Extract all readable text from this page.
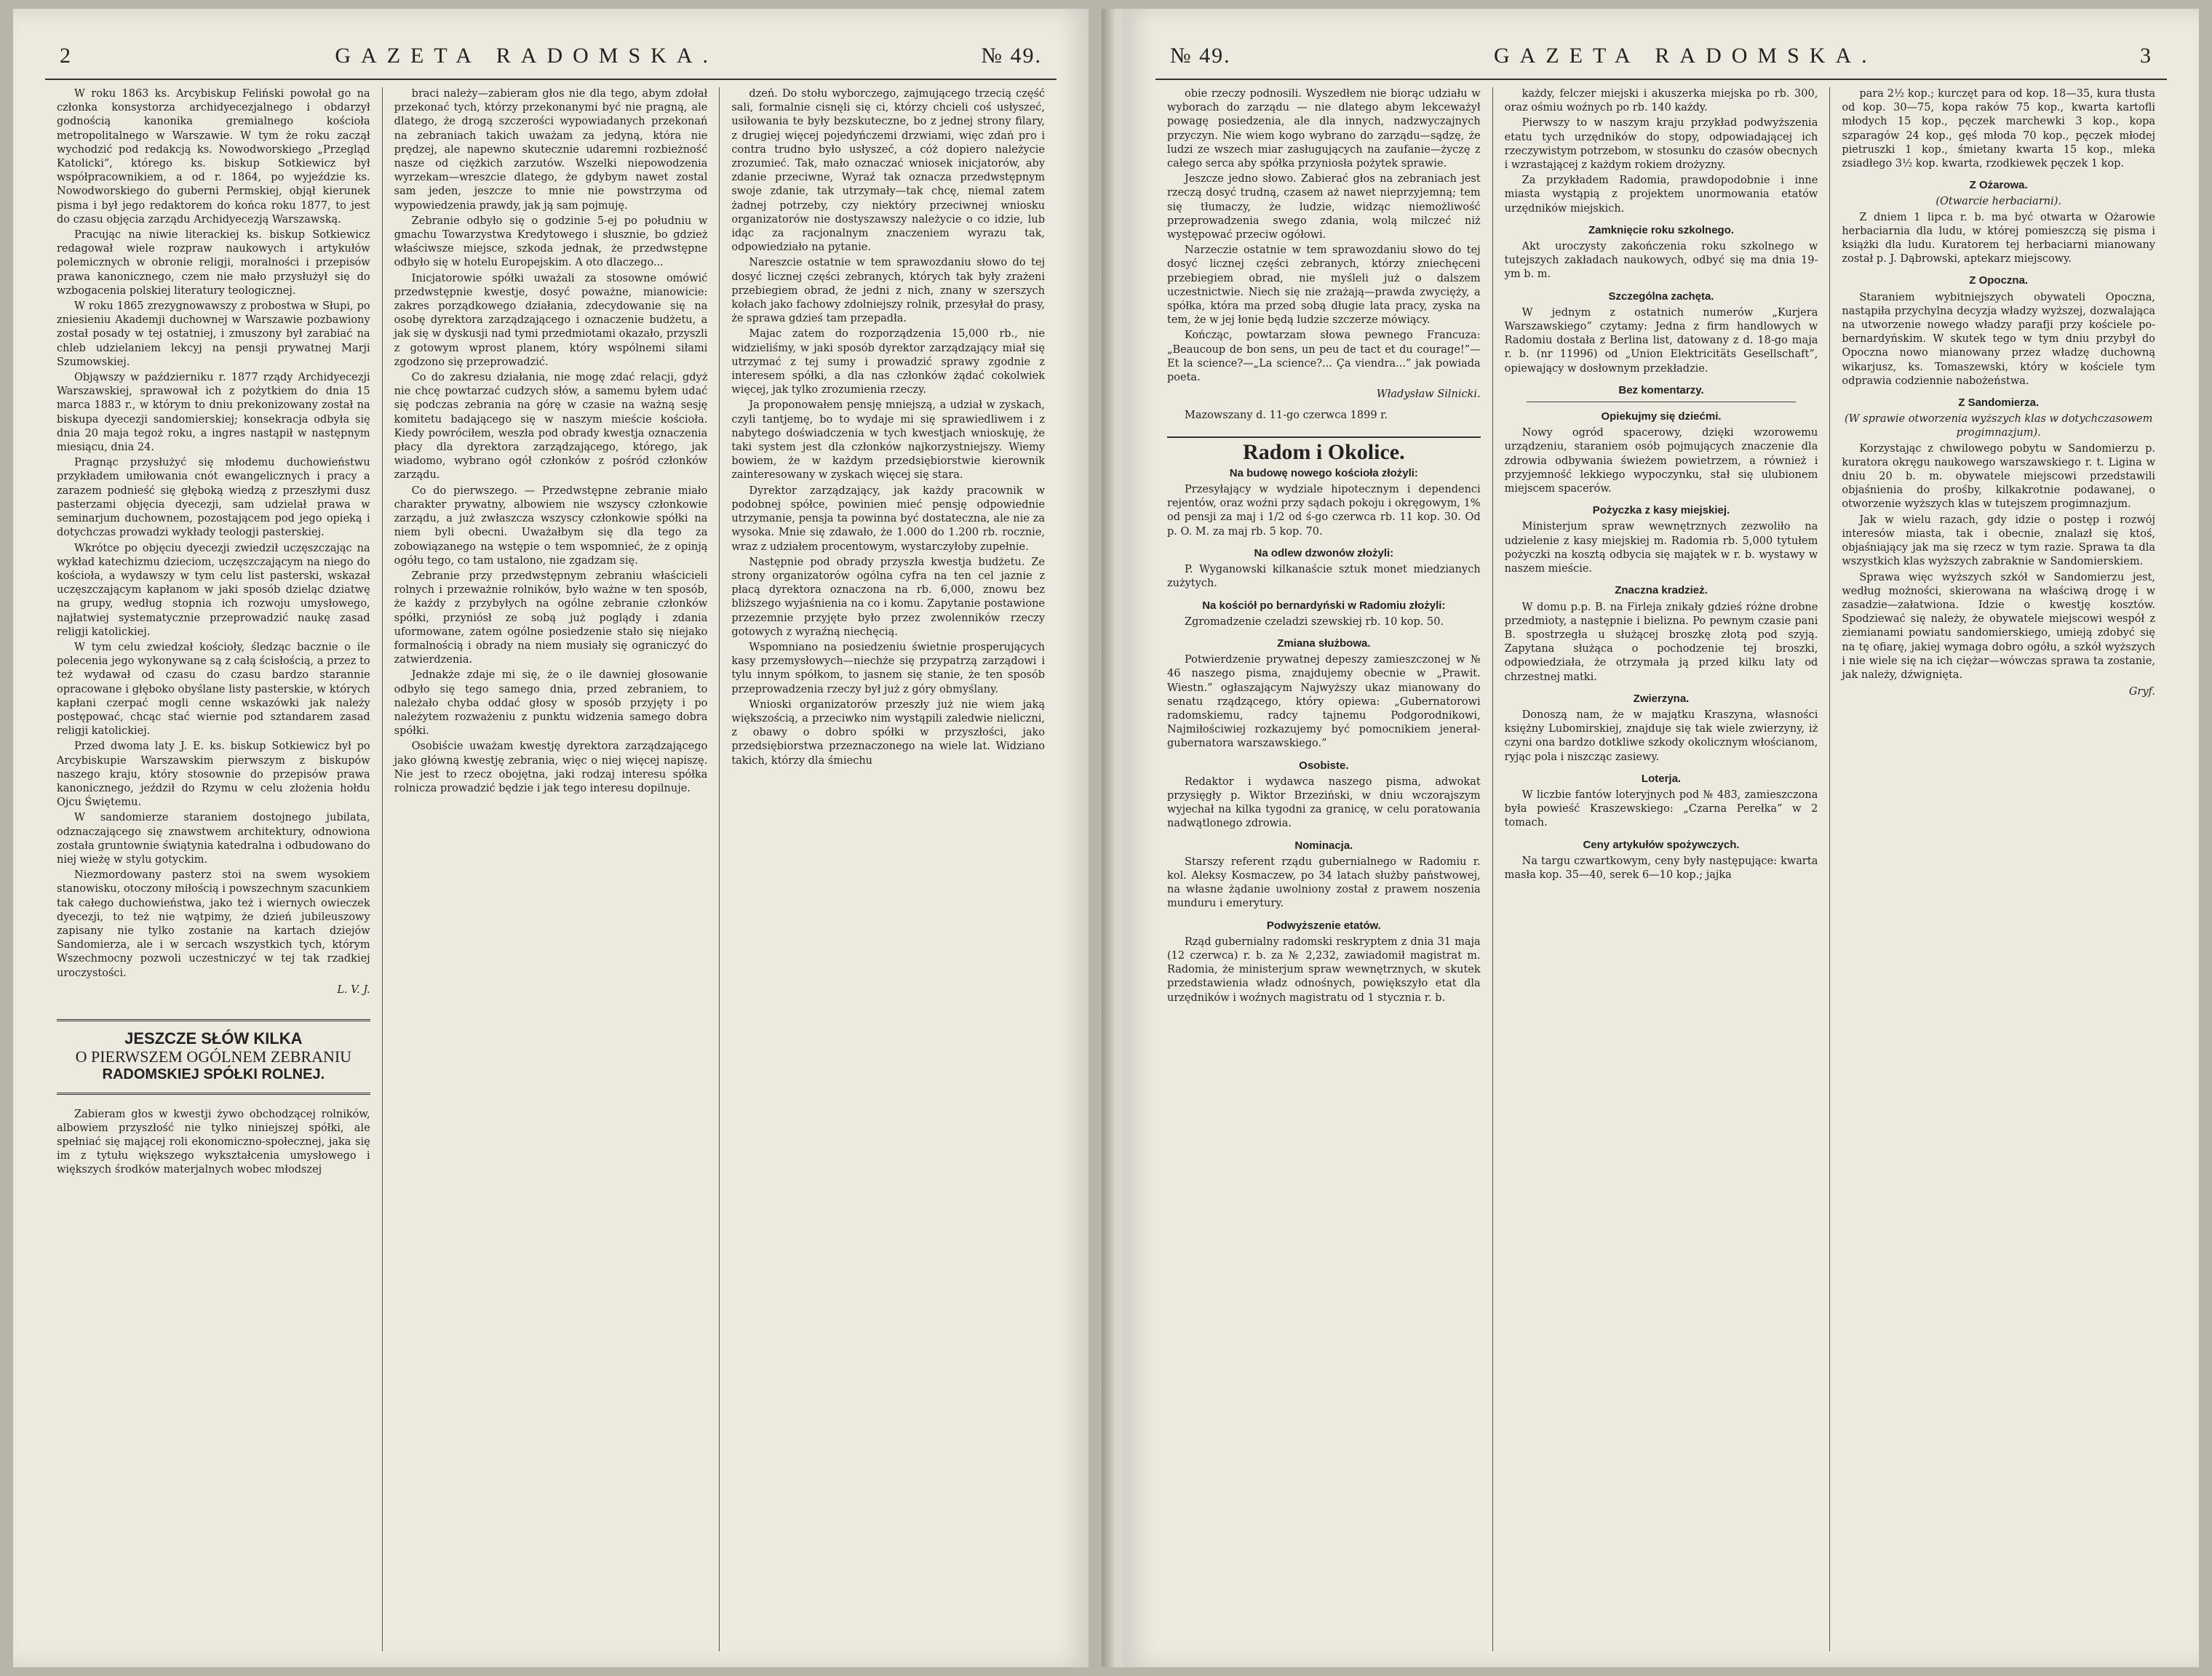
2	GAZETA RADOMSKA.	№ 49.

W roku 1863 ks. Arcybiskup Feliński powołał go na członka konsystorza archidyecezjalnego i obdarzył godnością kanonika gremialnego kościoła metropolitalnego w Warszawie. W tym że roku zaczął wychodzić pod redakcją ks. Nowodworskiego „Przegląd Katolicki”, którego ks. biskup Sotkiewicz był współpracownikiem, a od r. 1864, po wyjeździe ks. Nowodworskiego do guberni Permskiej, objął kierunek pisma i był jego redaktorem do końca roku 1877, to jest do czasu objęcia zarządu Archidyecezją Warszawską.

Pracując na niwie literackiej ks. biskup Sotkiewicz redagował wiele rozpraw naukowych i artykułów polemicznych w obronie religji, moralności i przepisów prawa kanonicznego, czem nie mało przysłużył się do wzbogacenia polskiej literatury teologicznej.

W roku 1865 zrezygnowawszy z probostwa w Słupi, po zniesieniu Akademji duchownej w Warszawie pozbawiony został posady w tej ostatniej, i zmuszony był zarabiać na chleb udzielaniem lekcyj na pensji prywatnej Marji Szumowskiej.

Objąwszy w październiku r. 1877 rządy Archidyecezji Warszawskiej, sprawował ich z pożytkiem do dnia 15 marca 1883 r., w którym to dniu prekonizowany został na biskupa dyecezji sandomierskiej; konsekracja odbyła się dnia 20 maja tegoż roku, a ingres nastąpił w następnym miesiącu, dnia 24.

Pragnąc przysłużyć się młodemu duchowieństwu przykładem umiłowania cnót ewangelicznych i pracy a zarazem podnieść się głęboką wiedzą z przeszłymi dusz pasterzami objęcia dyecezji, sam udzielał prawa w seminarjum duchownem, pozostającem pod jego opieką i dotychczas prowadzi wykłady teologji pasterskiej.

Wkrótce po objęciu dyecezji zwiedził uczęszczając na wykład katechizmu dzieciom, uczęszczającym na niego do kościoła, a wydawszy w tym celu list pasterski, wskazał uczęszczającym kapłanom w jaki sposób dzieląc dziatwę na grupy, według stopnia ich rozwoju umysłowego, najłatwiej systematycznie przeprowadzić naukę zasad religji katolickiej.

W tym celu zwiedzał kościoły, śledząc bacznie o ile polecenia jego wykonywane są z całą ścisłością, a przez to też wydawał od czasu do czasu bardzo starannie opracowane i głęboko obyślane listy pasterskie, w których kapłani czerpać mogli cenne wskazówki jak należy postępować, chcąc stać wiernie pod sztandarem zasad religji katolickiej.

Przed dwoma laty J. E. ks. biskup Sotkiewicz był po Arcybiskupie Warszawskim pierwszym z biskupów naszego kraju, który stosownie do przepisów prawa kanonicznego, jeździł do Rzymu w celu złożenia hołdu Ojcu Świętemu.

W sandomierze staraniem dostojnego jubilata, odznaczającego się znawstwem architektury, odnowiona została gruntownie świątynia katedralna i odbudowano do niej wieżę w stylu gotyckim.

Niezmordowany pasterz stoi na swem wysokiem stanowisku, otoczony miłością i powszechnym szacunkiem tak całego duchowieństwa, jako też i wiernych owieczek dyecezji, to też nie wątpimy, że dzień jubileuszowy zapisany nie tylko zostanie na kartach dziejów Sandomierza, ale i w sercach wszystkich tych, którym Wszechmocny pozwoli uczestniczyć w tej tak rzadkiej uroczystości.

L. V. J.
JESZCZE SŁÓW KILKA
O PIERWSZEM OGÓLNEM ZEBRANIU
RADOMSKIEJ SPÓŁKI ROLNEJ.

Zabieram głos w kwestji żywo obchodzącej rolników, albowiem przyszłość nie tylko niniejszej spółki, ale spełniać się mającej roli ekonomiczno-społecznej, jaka się im z tytułu większego wykształcenia umysłowego i większych środków materjalnych wobec młodszej

braci należy—zabieram głos nie dla tego, abym zdołał przekonać tych, którzy przekonanymi być nie pragną, ale dlatego, że drogą szczerości wypowiadanych przekonań na zebraniach takich uważam za jedyną, która nie prędzej, ale napewno skutecznie udaremni rozbieżność nasze od ciężkich zarzutów. Wszelki niepowodzenia wyrzekam—wreszcie dlatego, że gdybym nawet zostal sam jeden, jeszcze to mnie nie powstrzyma od wypowiedzenia prawdy, jak ją sam pojmuję.

Zebranie odbyło się o godzinie 5-ej po południu w gmachu Towarzystwa Kredytowego i słusznie, bo gdzież właściwsze miejsce, szkoda jednak, że przedwstępne odbyło się w hotelu Europejskim. A oto dlaczego...

Inicjatorowie spółki uważali za stosowne omówić przedwstępnie kwestje, dosyć poważne, mianowicie: zakres porządkowego działania, zdecydowanie się na osobę dyrektora zarządzającego i oznaczenie budżetu, a jak się w dyskusji nad tymi przedmiotami okazało, przyszli z gotowym wprost planem, który wspólnemi siłami zgodzono się przeprowadzić.

Co do zakresu działania, nie mogę zdać relacji, gdyż nie chcę powtarzać cudzych słów, a samemu byłem udać się podczas zebrania na górę w czasie na ważną sesję komitetu badającego się w naszym mieście kościoła. Kiedy powróciłem, weszła pod obrady kwestja oznaczenia płacy dla dyrektora zarządzającego, którego, jak wiadomo, wybrano ogół członków z pośród członków zarządu.

Co do pierwszego. — Przedwstępne zebranie miało charakter prywatny, albowiem nie wszyscy członkowie zarządu, a już zwłaszcza wszyscy członkowie spółki na niem byli obecni. Uważałbym się dla tego za zobowiązanego na wstępie o tem wspomnieć, że z opinją ogółu tego, co tam ustalono, nie zgadzam się.

Zebranie przy przedwstępnym zebraniu właścicieli rolnych i przeważnie rolników, było ważne w ten sposób, że każdy z przybyłych na ogólne zebranie członków spółki, przyniósł ze sobą już poglądy i zdania uformowane, zatem ogólne posiedzenie stało się niejako formalnością i obrady na niem musiały się ograniczyć do zatwierdzenia.

Jednakże zdaje mi się, że o ile dawniej głosowanie odbyło się tego samego dnia, przed zebraniem, to należało chyba oddać głosy w sposób przyjęty i po należytem rozważeniu z punktu widzenia samego dobra spółki.

Osobiście uważam kwestję dyrektora zarządzającego jako główną kwestję zebrania, więc o niej więcej napiszę. Nie jest to rzecz obojętna, jaki rodzaj interesu spółka rolnicza prowadzić będzie i jak tego interesu dopilnuje.

dzeń. Do stołu wyborczego, zajmującego trzecią część sali, formalnie cisnęli się ci, którzy chcieli coś usłyszeć, usiłowania te były bezskuteczne, bo z jednej strony filary, z drugiej więcej pojedyńczemi drzwiami, więc zdań pro i contra trudno było usłyszeć, a cóż dopiero należycie zrozumieć. Tak, mało oznaczać wniosek inicjatorów, aby zdanie przeciwne, Wyraź tak oznacza przedwstępnym swoje zdanie, tak utrzymały—tak chcę, niemal zatem żadnej potrzeby, czy niektóry przeciwnej wniosku organizatorów nie dostyszawszy należycie o co idzie, lub idąc za racjonalnym znaczeniem wyrazu tak, odpowiedziało na pytanie.

Nareszcie ostatnie w tem sprawozdaniu słowo do tej dosyć licznej części zebranych, których tak były zrażeni przebiegiem obrad, że jedni z nich, znany w szerszych kołach jako fachowy zdolniejszy rolnik, przesyłał do prasy, że sprawa gdzieś tam przepadła.

Majac zatem do rozporządzenia 15,000 rb., nie widzieliśmy, w jaki sposób dyrektor zarządzający miał się utrzymać z tej sumy i prowadzić sprawy zgodnie z interesem spółki, a dla nas członków żądać cokolwiek więcej, jak tylko zrozumienia rzeczy.

Ja proponowałem pensję mniejszą, a udział w zyskach, czyli tantjemę, bo to wydaje mi się sprawiedliwem i z nabytego doświadczenia w tych kwestjach wnioskuję, że taki system jest dla członków najkorzystniejszy. Wiemy bowiem, że w każdym przedsiębiorstwie kierownik zainteresowany w zyskach więcej się stara.

Dyrektor zarządzający, jak każdy pracownik w podobnej spółce, powinien mieć pensję odpowiednie utrzymanie, pensja ta powinna być dostateczna, ale nie za wysoka. Mnie się zdawało, że 1.000 do 1.200 rb. rocznie, wraz z udziałem procentowym, wystarczyłoby zupełnie.

Następnie pod obrady przyszła kwestja budżetu. Ze strony organizatorów ogólna cyfra na ten cel jaznie z płacą dyrektora oznaczona na rb. 6,000, znowu bez bliższego wyjaśnienia na co i komu. Zapytanie postawione przezemnie przyjęte było przez zwolenników rzeczy gotowych z wyraźną niechęcią.

Wspomniano na posiedzeniu świetnie prosperujących kasy przemysłowych—niechże się przypatrzą zarządowi i tylu innym spółkom, to jasnem się stanie, że ten sposób przeprowadzenia rzeczy był już z góry obmyślany.

Wnioski organizatorów przeszły już nie wiem jaką większością, a przeciwko nim wystąpili zaledwie nieliczni, z obawy o dobro spółki w przyszłości, jako przedsiębiorstwa przeznaczonego na wiele lat. Widziano takich, którzy dla śmiechu

№ 49.	GAZETA RADOMSKA.	3

obie rzeczy podnosili. Wyszedłem nie biorąc udziału w wyborach do zarządu — nie dlatego abym lekceważył powagę posiedzenia, ale dla innych, nadzwyczajnych przyczyn. Nie wiem kogo wybrano do zarządu—sądzę, że ludzi ze wszech miar zasługujących na zaufanie—życzę z całego serca aby spółka przyniosła pożytek sprawie.

Jeszcze jedno słowo. Zabierać głos na zebraniach jest rzeczą dosyć trudną, czasem aż nawet nieprzyjemną; tem się tłumaczy, że ludzie, widząc niemożliwość przeprowadzenia swego zdania, wolą milczeć niż występować przeciw ogółowi.

Narzeczie ostatnie w tem sprawozdaniu słowo do tej dosyć licznej części zebranych, którzy zniechęceni przebiegiem obrad, nie myśleli już o dalszem uczestnictwie. Niech się nie zrażają—prawda zwycięży, a spółka, która ma przed sobą długie lata pracy, zyska na tem, że w jej łonie będą ludzie szczerze mówiący.

Kończąc, powtarzam słowa pewnego Francuza: „Beaucoup de bon sens, un peu de tact et du courage!”—Et la science?—„La science?... Ça viendra...” jak powiada poeta.

Władysław Silnicki.

Mazowszany d. 11-go czerwca 1899 r.

Radom i Okolice.
Na budowę nowego kościoła złożyli:

Przesyłający w wydziale hipotecznym i dependenci rejentów, oraz woźni przy sądach pokoju i okręgowym, 1% od pensji za maj i 1/2 od ś-go czerwca rb. 11 kop. 30. Od p. O. M. za maj rb. 5 kop. 70.

Na odlew dzwonów złożyli:

P. Wyganowski kilkanaście sztuk monet miedzianych zużytych.

Na kościół po bernardyński w Radomiu złożyli:

Zgromadzenie czeladzi szewskiej rb. 10 kop. 50.

Zmiana służbowa.

Potwierdzenie prywatnej depeszy zamieszczonej w № 46 naszego pisma, znajdujemy obecnie w „Prawit. Wiestn.” ogłaszającym Najwyższy ukaz mianowany do senatu rządzącego, który opiewa: „Gubernatorowi radomskiemu, radcy tajnemu Podgorodnikowi, Najmiłościwiej rozkazujemy być pomocnikiem jenerał-gubernatora warszawskiego.”

Osobiste.

Redaktor i wydawca naszego pisma, adwokat przysięgły p. Wiktor Brzeziński, w dniu wczorajszym wyjechał na kilka tygodni za granicę, w celu poratowania nadwątlonego zdrowia.

Nominacja.

Starszy referent rządu gubernialnego w Radomiu r. kol. Aleksy Kosmaczew, po 34 latach służby państwowej, na własne żądanie uwolniony został z prawem noszenia munduru i emerytury.

Podwyższenie etatów.

Rząd gubernialny radomski reskryptem z dnia 31 maja (12 czerwca) r. b. za № 2,232, zawiadomił magistrat m. Radomia, że ministerjum spraw wewnętrznych, w skutek przedstawienia władz odnośnych, powiększyło etat dla urzędników i woźnych magistratu od 1 stycznia r. b.

każdy, felczer miejski i akuszerka miejska po rb. 300, oraz ośmiu woźnych po rb. 140 każdy.

Pierwszy to w naszym kraju przykład podwyższenia etatu tych urzędników do stopy, odpowiadającej ich rzeczywistym potrzebom, w stosunku do czasów obecnych i wzrastającej z każdym rokiem drożyzny.

Za przykładem Radomia, prawdopodobnie i inne miasta wystąpią z projektem unormowania etatów urzędników miejskich.

Zamknięcie roku szkolnego.

Akt uroczysty zakończenia roku szkolnego w tutejszych zakładach naukowych, odbyć się ma dnia 19-ym b. m.

Szczególna zachęta.

W jednym z ostatnich numerów „Kurjera Warszawskiego” czytamy: Jedna z firm handlowych w Radomiu dostała z Berlina list, datowany z d. 18-go maja r. b. (nr 11996) od „Union Elektricitäts Gesellschaft”, opiewający w dosłownym przekładzie.

Bez komentarzy.
Opiekujmy się dziećmi.

Nowy ogród spacerowy, dzięki wzorowemu urządzeniu, staraniem osób pojmujących znaczenie dla zdrowia odbywania świeżem powietrzem, a również i przyjemność lekkiego wypoczynku, stał się ulubionem miejscem spacerów.

Pożyczka z kasy miejskiej.

Ministerjum spraw wewnętrznych zezwoliło na udzielenie z kasy miejskiej m. Radomia rb. 5,000 tytułem pożyczki na kosztą odbycia się majątek w r. b. wystawy w naszem mieście.

Znaczna kradzież.

W domu p.p. B. na Firleja znikały gdzieś różne drobne przedmioty, a następnie i bielizna. Po pewnym czasie pani B. spostrzegła u służącej broszkę złotą pod szyją. Zapytana służąca o pochodzenie tej broszki, odpowiedziała, że otrzymała ją przed kilku laty od chrzestnej matki.

Zwierzyna.

Donoszą nam, że w majątku Kraszyna, własności księżny Lubomirskiej, znajduje się tak wiele zwierzyny, iż czyni ona bardzo dotkliwe szkody okolicznym włościanom, ryjąc pola i niszcząc zasiewy.

Loterja.

W liczbie fantów loteryjnych pod № 483, zamieszczona była powieść Kraszewskiego: „Czarna Perełka” w 2 tomach.

Ceny artykułów spożywczych.

Na targu czwartkowym, ceny były następujące: kwarta masła kop. 35—40, serek 6—10 kop.; jajka

para 2½ kop.; kurczęt para od kop. 18—35, kura tłusta od kop. 30—75, kopa raków 75 kop., kwarta kartofli młodych 15 kop., pęczek marchewki 3 kop., kopa szparagów 24 kop., gęś młoda 70 kop., pęczek młodej pietruszki 1 kop., śmietany kwarta 15 kop., mleka zsiadłego 3½ kop. kwarta, rzodkiewek pęczek 1 kop.

Z Ożarowa.

(Otwarcie herbaciarni).

Z dniem 1 lipca r. b. ma być otwarta w Ożarowie herbaciarnia dla ludu, w której pomieszczą się pisma i książki dla ludu. Kuratorem tej herbaciarni mianowany został p. J. Dąbrowski, aptekarz miejscowy.

Z Opoczna.

Staraniem wybitniejszych obywateli Opoczna, nastąpiła przychylna decyzja władzy wyższej, dozwalająca na utworzenie nowego władzy parafji przy kościele po-bernardyńskim. W skutek tego w tym dniu przybył do Opoczna nowo mianowany przez władzę duchowną wikarjusz, ks. Tomaszewski, który w kościele tym odprawia codziennie nabożeństwa.

Z Sandomierza.

(W sprawie otworzenia wyższych klas w dotychczasowem progimnazjum).

Korzystając z chwilowego pobytu w Sandomierzu p. kuratora okręgu naukowego warszawskiego r. t. Ligina w dniu 20 b. m. obywatele miejscowi przedstawili objaśnienia do prośby, kilkakrotnie podawanej, o otworzenie wyższych klas w tutejszem progimnazjum.

Jak w wielu razach, gdy idzie o postęp i rozwój interesów miasta, tak i obecnie, znalazł się ktoś, objaśniający jak ma się rzecz w tym razie. Sprawa ta dla wszystkich klas wyższych zabraknie w Sandomierskiem.

Sprawa więc wyższych szkół w Sandomierzu jest, według możności, skierowana na właściwą drogę i w zasadzie—załatwiona. Idzie o kwestję kosztów. Spodziewać się należy, że obywatele miejscowi wespół z ziemianami powiatu sandomierskiego, umieją zdobyć się na tę ofiarę, jakiej wymaga dobro ogółu, a szkół wyższych i nie wiele się na ich ciężar—wówczas sprawa ta zostanie, jak należy, dźwignięta.

Gryf.
